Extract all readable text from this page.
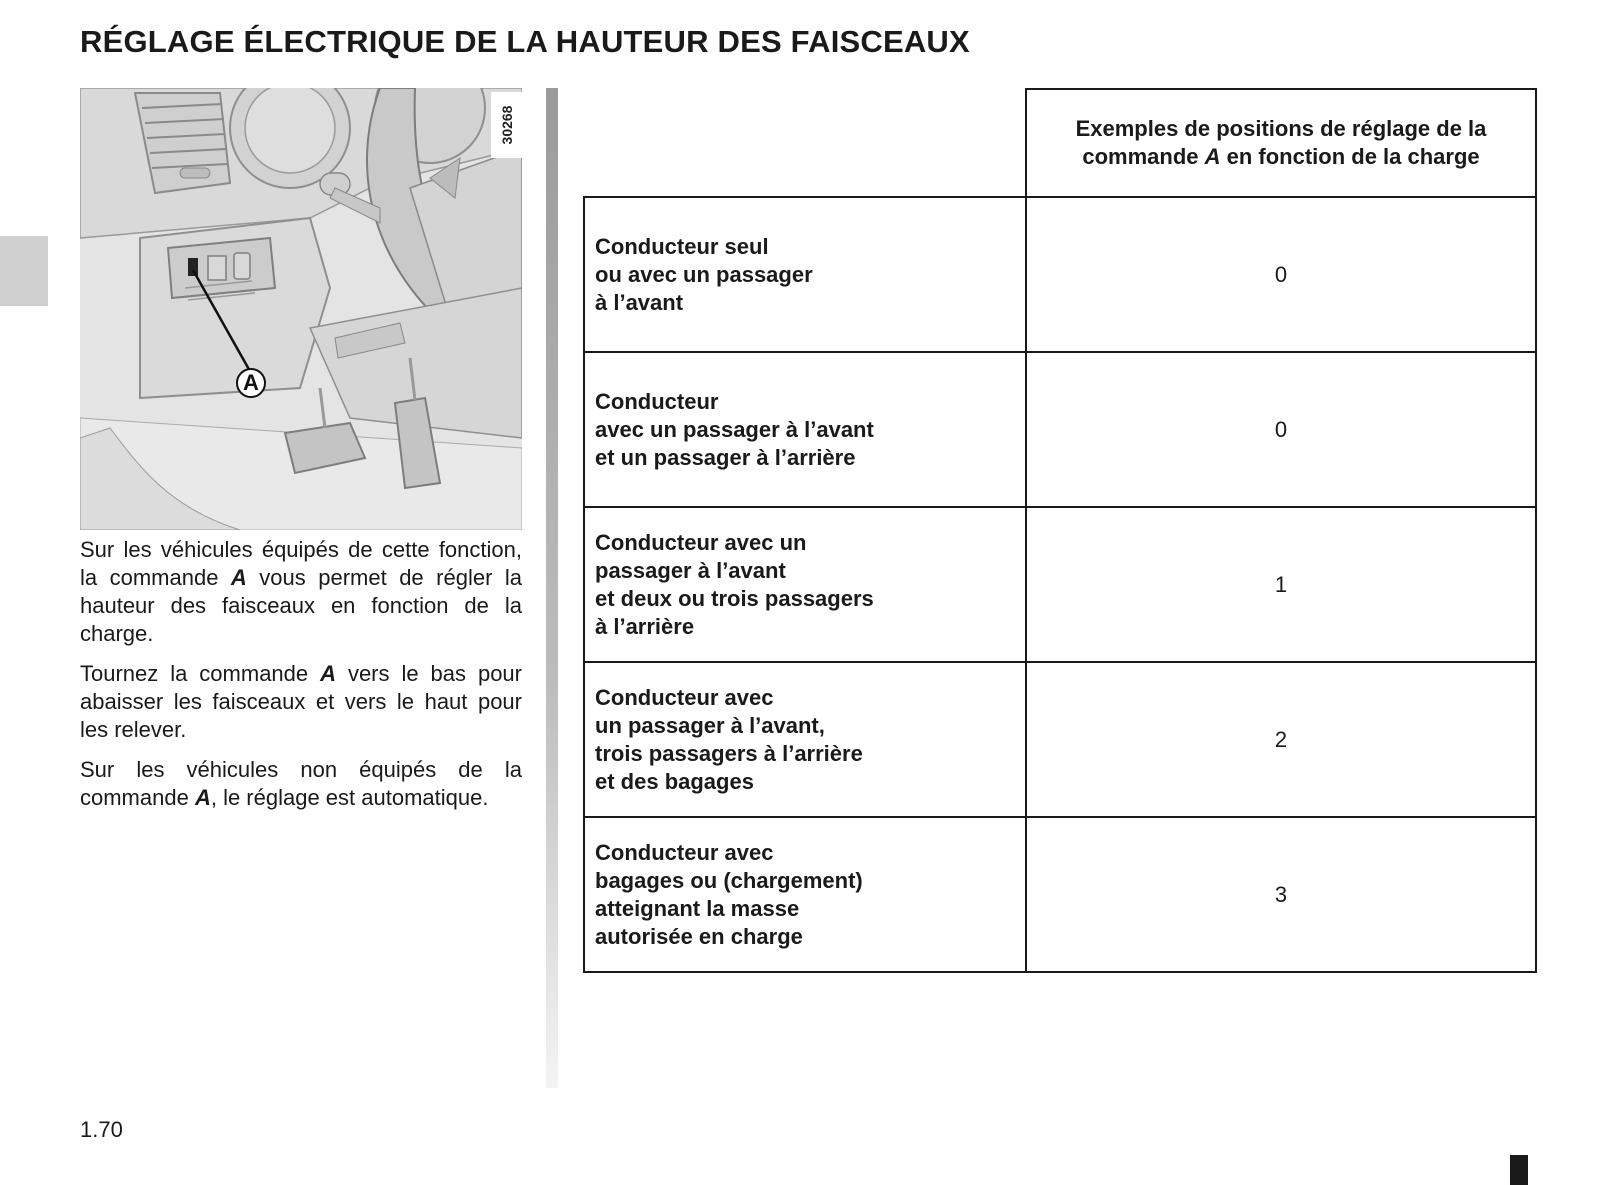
RÉGLAGE ÉLECTRIQUE DE LA HAUTEUR DES FAISCEAUX
30268
A

Sur les véhicules équipés de cette fonction, la commande A vous permet de régler la hauteur des faisceaux en fonction de la charge.

Tournez la commande A vers le bas pour abaisser les faisceaux et vers le haut pour les relever.

Sur les véhicules non équipés de la commande A, le réglage est automatique.

	Exemples de positions de réglage de la commande A en fonction de la charge
Conducteur seul
ou avec un passager
à l’avant	0
Conducteur
avec un passager à l’avant
et un passager à l’arrière	0
Conducteur avec un
passager à l’avant
et deux ou trois passagers
à l’arrière	1
Conducteur avec
un passager à l’avant,
trois passagers à l’arrière
et des bagages	2
Conducteur avec
bagages ou (chargement)
atteignant la masse
autorisée en charge	3
1.70
